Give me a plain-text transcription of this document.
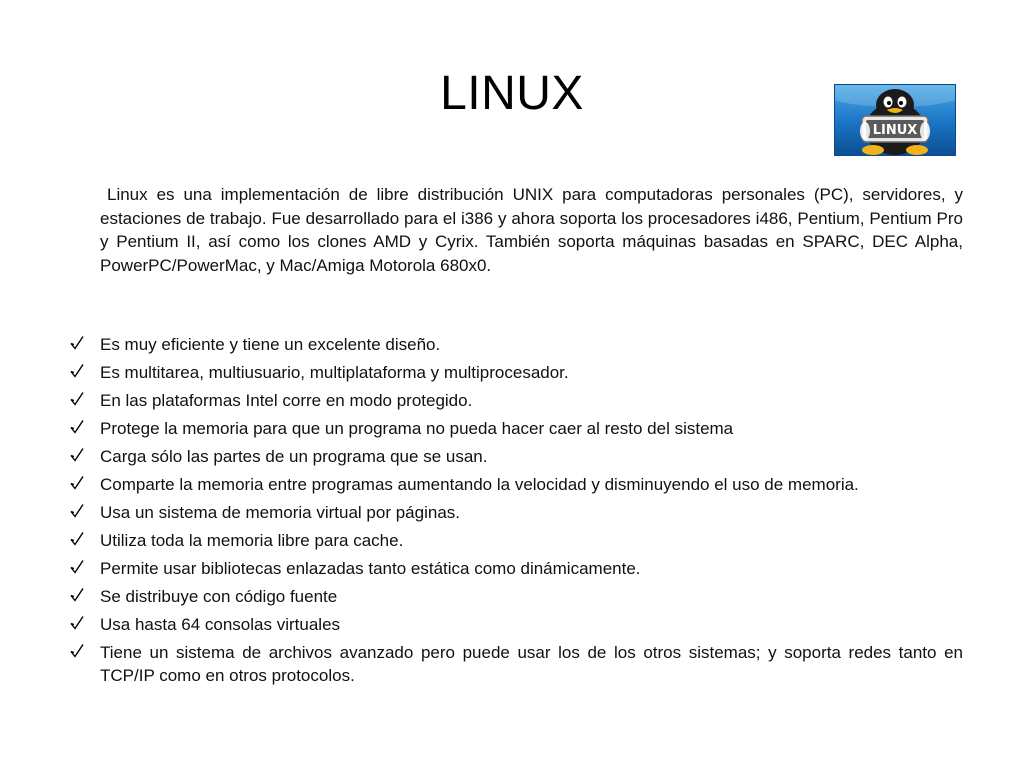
LINUX
LINUX

Linux es una implementación de libre distribución UNIX para computadoras personales (PC), servidores, y estaciones de trabajo. Fue desarrollado para el i386 y ahora soporta los procesadores i486, Pentium, Pentium Pro y Pentium II, así como los clones AMD y Cyrix. También soporta máquinas basadas en SPARC, DEC Alpha, PowerPC/PowerMac, y Mac/Amiga Motorola 680x0.

Es muy eficiente y tiene un excelente diseño.
Es multitarea, multiusuario, multiplataforma y multiprocesador.
En las plataformas Intel corre en modo protegido.
Protege la memoria para que un programa no pueda hacer caer al resto del sistema
Carga sólo las partes de un programa que se usan.
Comparte la memoria entre programas aumentando la velocidad y disminuyendo el uso de memoria.
Usa un sistema de memoria virtual por páginas.
Utiliza toda la memoria libre para cache.
Permite usar bibliotecas enlazadas tanto estática como dinámicamente.
Se distribuye con código fuente
Usa hasta 64 consolas virtuales
Tiene un sistema de archivos avanzado pero puede usar los de los otros sistemas; y soporta redes tanto en TCP/IP como en otros protocolos.
